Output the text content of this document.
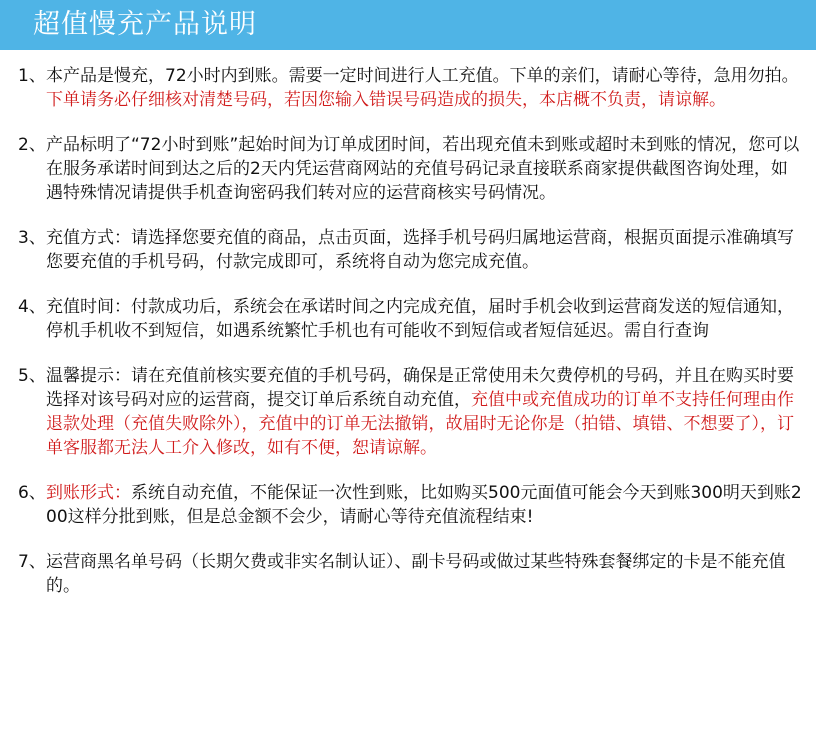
超值慢充产品说明
1、 本产品是慢充，72小时内到账。需要一定时间进行人工充值。下单的亲们，请耐心等待，急用勿拍。下单请务必仔细核对清楚号码，若因您输入错误号码造成的损失，本店概不负责，请谅解。
2、 产品标明了“72小时到账”起始时间为订单成团时间，若出现充值未到账或超时未到账的情况，您可以在服务承诺时间到达之后的2天内凭运营商网站的充值号码记录直接联系商家提供截图咨询处理，如遇特殊情况请提供手机查询密码我们转对应的运营商核实号码情况。
3、 充值方式：请选择您要充值的商品，点击页面，选择手机号码归属地运营商，根据页面提示准确填写您要充值的手机号码，付款完成即可，系统将自动为您完成充值。
4、 充值时间：付款成功后，系统会在承诺时间之内完成充值，届时手机会收到运营商发送的短信通知，停机手机收不到短信，如遇系统繁忙手机也有可能收不到短信或者短信延迟。需自行查询
5、 温馨提示：请在充值前核实要充值的手机号码，确保是正常使用未欠费停机的号码，并且在购买时要选择对该号码对应的运营商，提交订单后系统自动充值，充值中或充值成功的订单不支持任何理由作退款处理（充值失败除外），充值中的订单无法撤销，故届时无论你是（拍错、填错、不想要了），订单客服都无法人工介入修改，如有不便，恕请谅解。
6、 到账形式：系统自动充值，不能保证一次性到账，比如购买500元面值可能会今天到账300明天到账200这样分批到账，但是总金额不会少，请耐心等待充值流程结束!
7、 运营商黑名单号码（长期欠费或非实名制认证）、副卡号码或做过某些特殊套餐绑定的卡是不能充值 的。
